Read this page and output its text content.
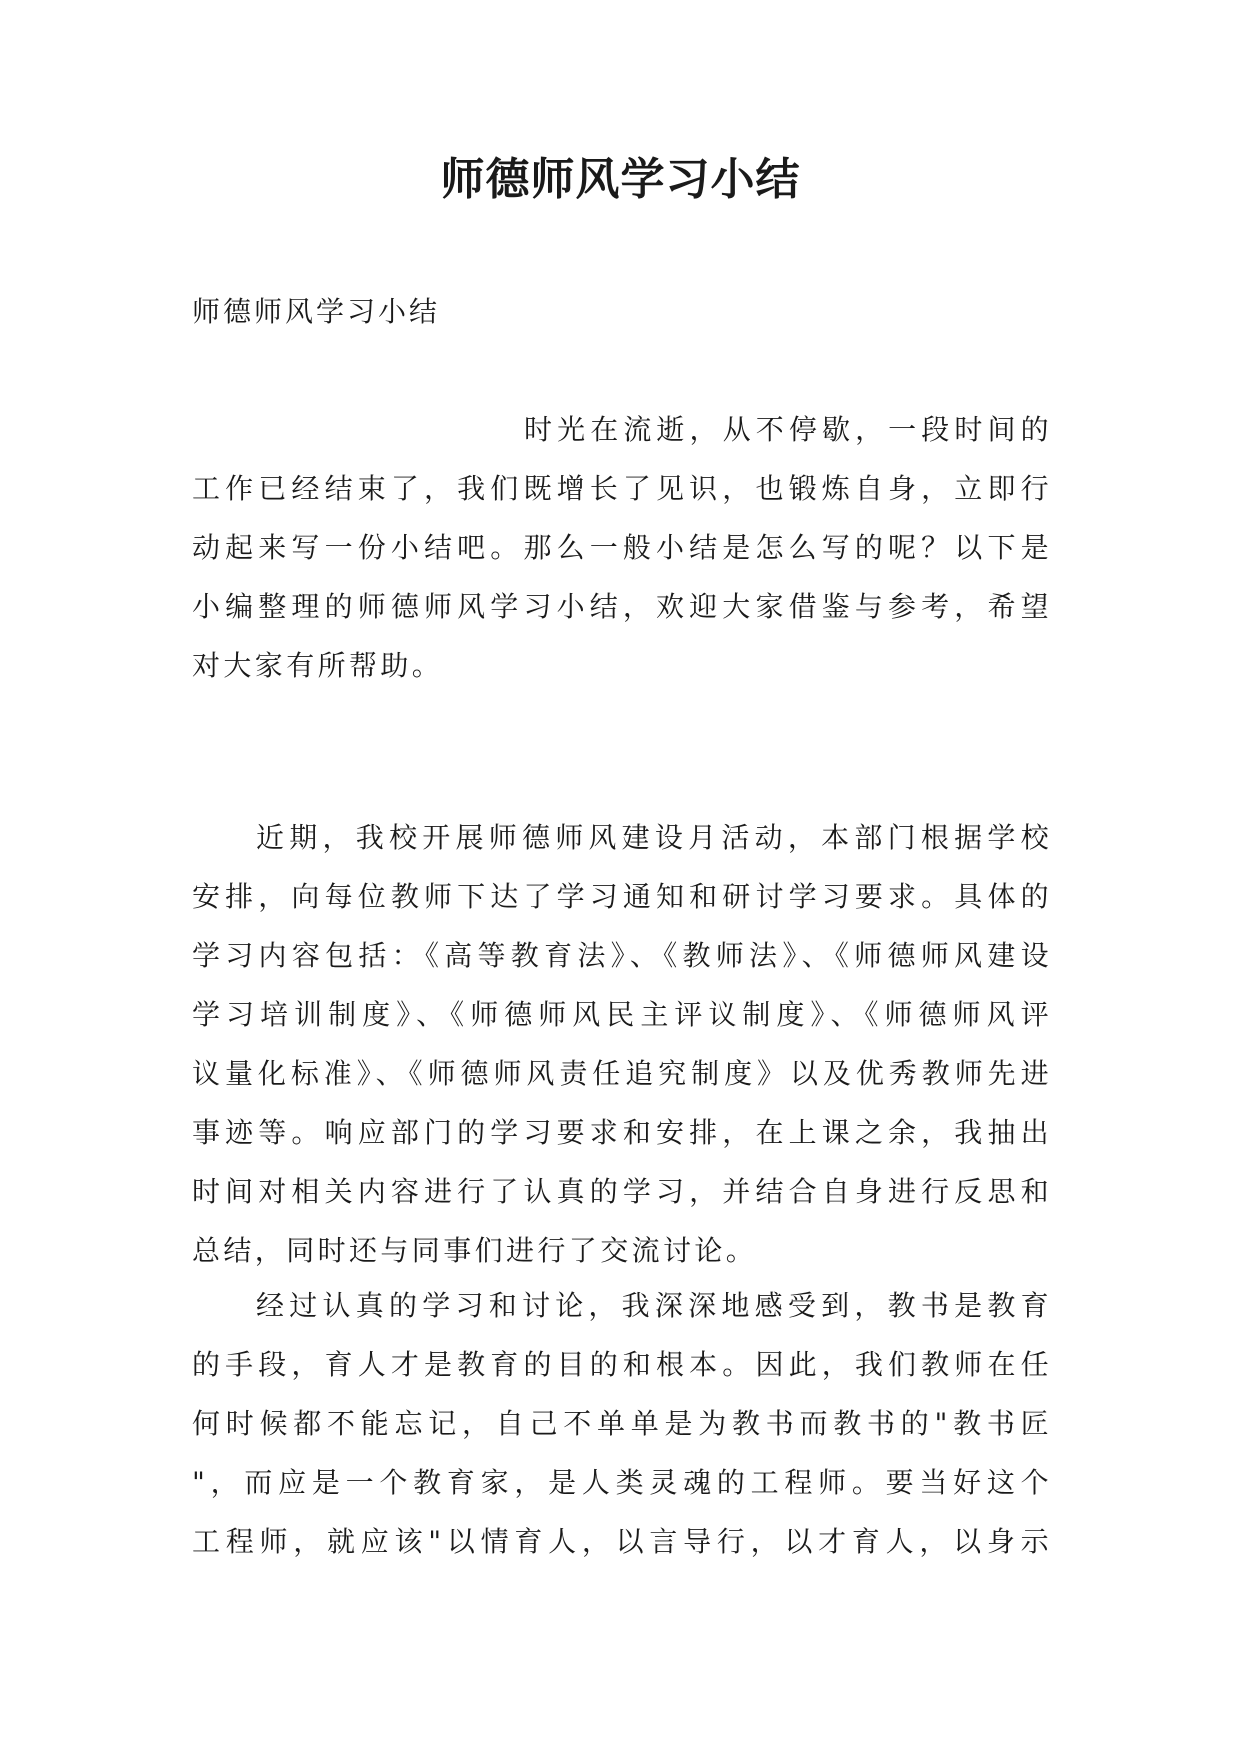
师德师风学习小结

师德师风学习小结

时光在流逝，从不停歇，一段时间的
工作已经结束了，我们既增长了见识，也锻炼自身，立即行
动起来写一份小结吧。那么一般小结是怎么写的呢？以下是
小编整理的师德师风学习小结，欢迎大家借鉴与参考，希望
对大家有所帮助。
近期，我校开展师德师风建设月活动，本部门根据学校
安排，向每位教师下达了学习通知和研讨学习要求。具体的
学习内容包括：《高等教育法》、《教师法》、《师德师风建设
学习培训制度》、《师德师风民主评议制度》、《师德师风评
议量化标准》、《师德师风责任追究制度》以及优秀教师先进
事迹等。响应部门的学习要求和安排，在上课之余，我抽出
时间对相关内容进行了认真的学习，并结合自身进行反思和
总结，同时还与同事们进行了交流讨论。
经过认真的学习和讨论，我深深地感受到，教书是教育
的手段，育人才是教育的目的和根本。因此，我们教师在任
何时候都不能忘记，自己不单单是为教书而教书的"教书匠
"，而应是一个教育家，是人类灵魂的工程师。要当好这个
工程师，就应该"以情育人，以言导行，以才育人，以身示
